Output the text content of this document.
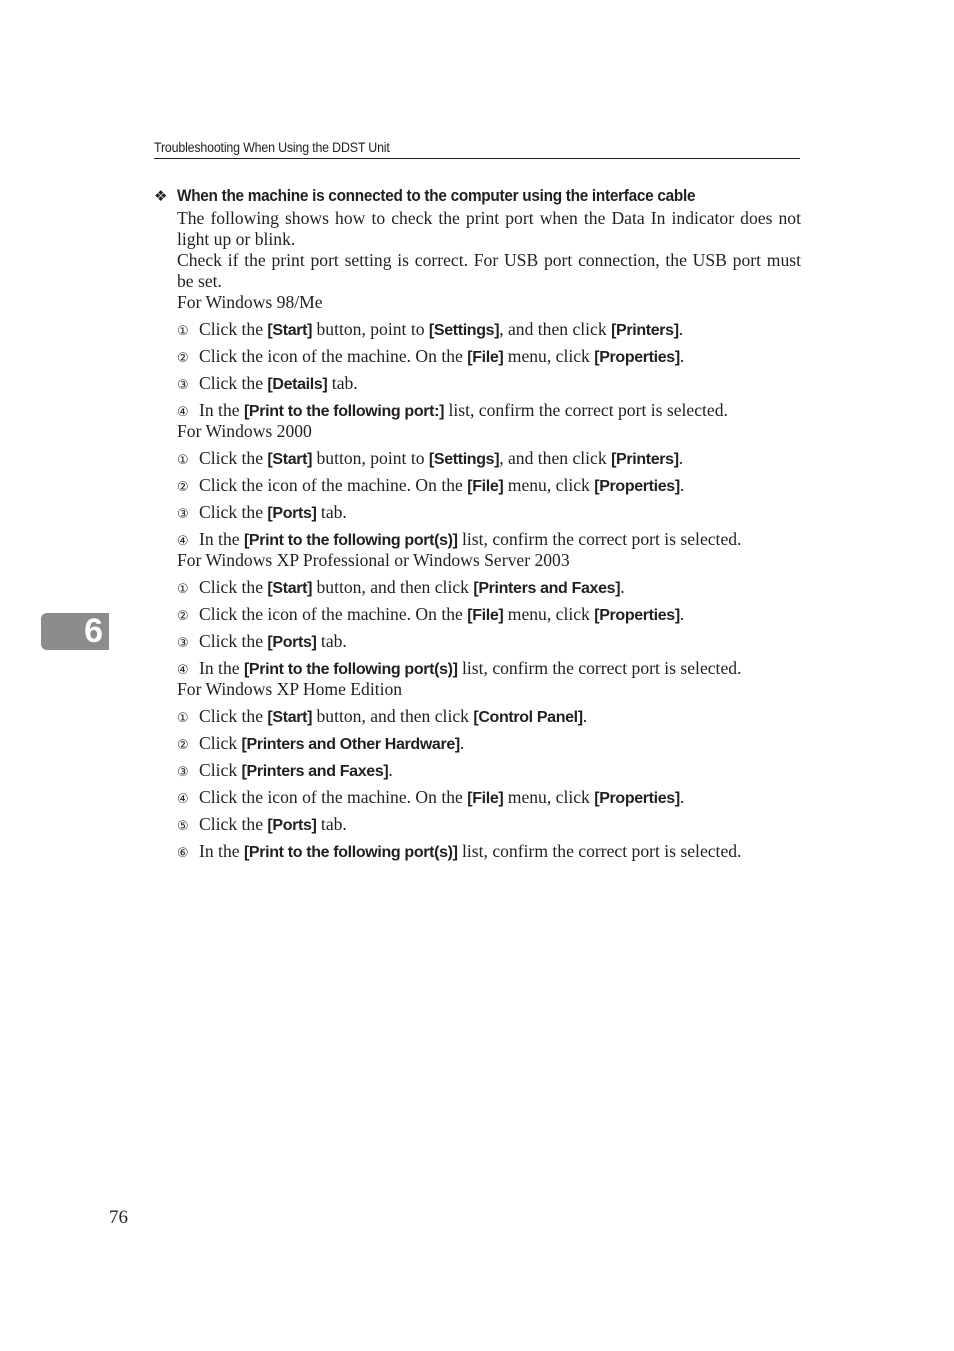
Troubleshooting When Using the DDST Unit
6
❖ When the machine is connected to the computer using the interface cable

The following shows how to check the print port when the Data In indicator does not light up or blink.

Check if the print port setting is correct. For USB port connection, the USB port must be set.

For Windows 98/Me

① Click the [Start] button, point to [Settings], and then click [Printers].
② Click the icon of the machine. On the [File] menu, click [Properties].
③ Click the [Details] tab.
④ In the [Print to the following port:] list, confirm the correct port is selected.

For Windows 2000

① Click the [Start] button, point to [Settings], and then click [Printers].
② Click the icon of the machine. On the [File] menu, click [Properties].
③ Click the [Ports] tab.
④ In the [Print to the following port(s)] list, confirm the correct port is selected.

For Windows XP Professional or Windows Server 2003

① Click the [Start] button, and then click [Printers and Faxes].
② Click the icon of the machine. On the [File] menu, click [Properties].
③ Click the [Ports] tab.
④ In the [Print to the following port(s)] list, confirm the correct port is selected.

For Windows XP Home Edition

① Click the [Start] button, and then click [Control Panel].
② Click [Printers and Other Hardware].
③ Click [Printers and Faxes].
④ Click the icon of the machine. On the [File] menu, click [Properties].
⑤ Click the [Ports] tab.
⑥ In the [Print to the following port(s)] list, confirm the correct port is selected.
76
